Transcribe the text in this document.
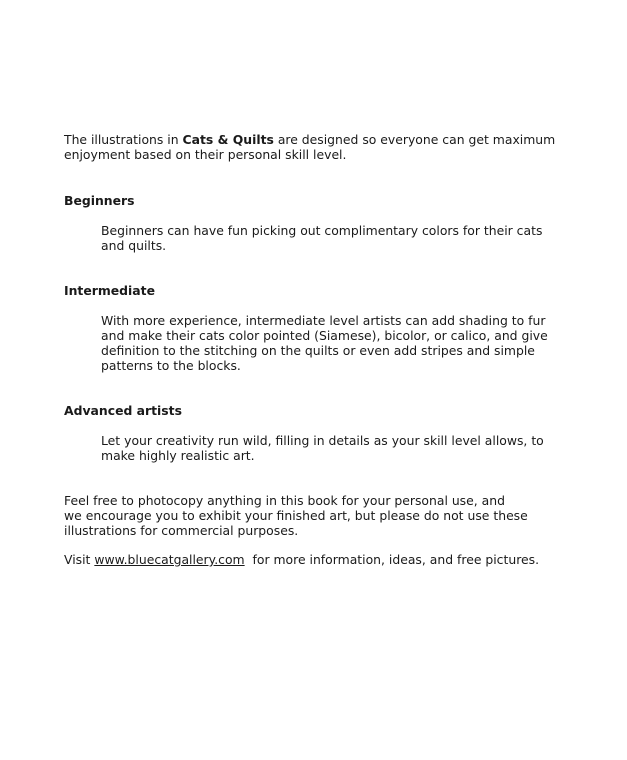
The illustrations in Cats & Quilts are designed so everyone can get maximum

enjoyment based on their personal skill level.

Beginners

Beginners can have fun picking out complimentary colors for their cats

and quilts.

Intermediate

With more experience, intermediate level artists can add shading to fur

and make their cats color pointed (Siamese), bicolor, or calico, and give

definition to the stitching on the quilts or even add stripes and simple

patterns to the blocks.

Advanced artists

Let your creativity run wild, filling in details as your skill level allows, to

make highly realistic art.

Feel free to photocopy anything in this book for your personal use, and

we encourage you to exhibit your finished art, but please do not use these

illustrations for commercial purposes.

Visit www.bluecatgallery.com  for more information, ideas, and free pictures.
